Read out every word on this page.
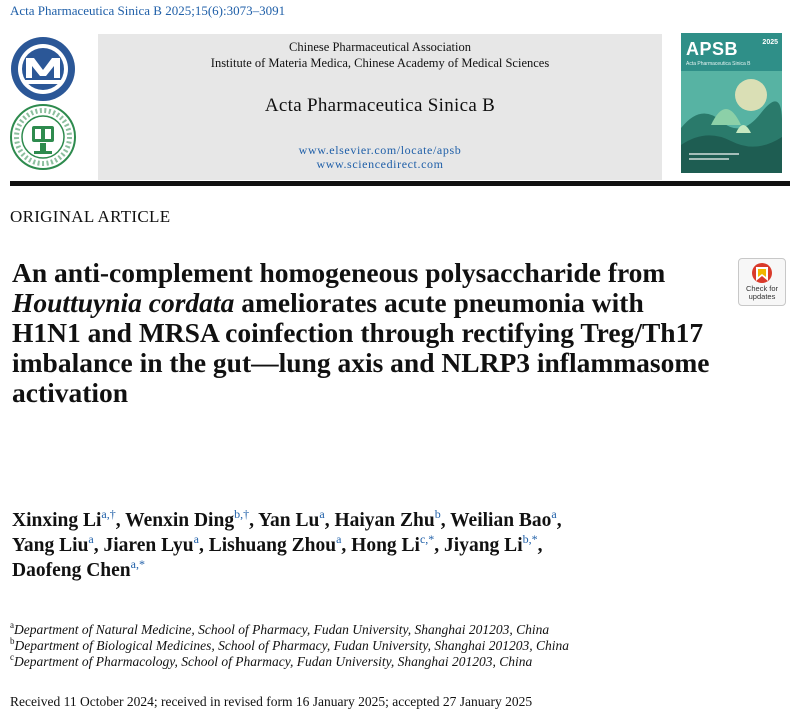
Acta Pharmaceutica Sinica B 2025;15(6):3073–3091
Chinese Pharmaceutical Association
Institute of Materia Medica, Chinese Academy of Medical Sciences
Acta Pharmaceutica Sinica B
www.elsevier.com/locate/apsb
www.sciencedirect.com
APSB	2025
Acta Pharmaceutica Sinica B
ORIGINAL ARTICLE
An anti-complement homogeneous polysaccharide from Houttuynia cordata ameliorates acute pneumonia with H1N1 and MRSA coinfection through rectifying Treg/Th17 imbalance in the gut—lung axis and NLRP3 inflammasome activation
Check for updates
Xinxing $Li^{a,\dagger}$, Wenxin Ding$^{b,\dagger}$, Yan Lu$^a$, Haiyan Zhu$^b$, Weilian Bao$^a$,
Yang Liu$^a$, Jiaren Lyu$^a$, Lishuang Zhou$^a$, Hong $Li^{c,*}$, Jiyang $Li^{b,*}$,
Daofeng Chen$^{a,*}$
$^a$Department of Natural Medicine, School of Pharmacy, Fudan University, Shanghai 201203, China
$^b$Department of Biological Medicines, School of Pharmacy, Fudan University, Shanghai 201203, China
$^c$Department of Pharmacology, School of Pharmacy, Fudan University, Shanghai 201203, China
Received 11 October 2024; received in revised form 16 January 2025; accepted 27 January 2025
